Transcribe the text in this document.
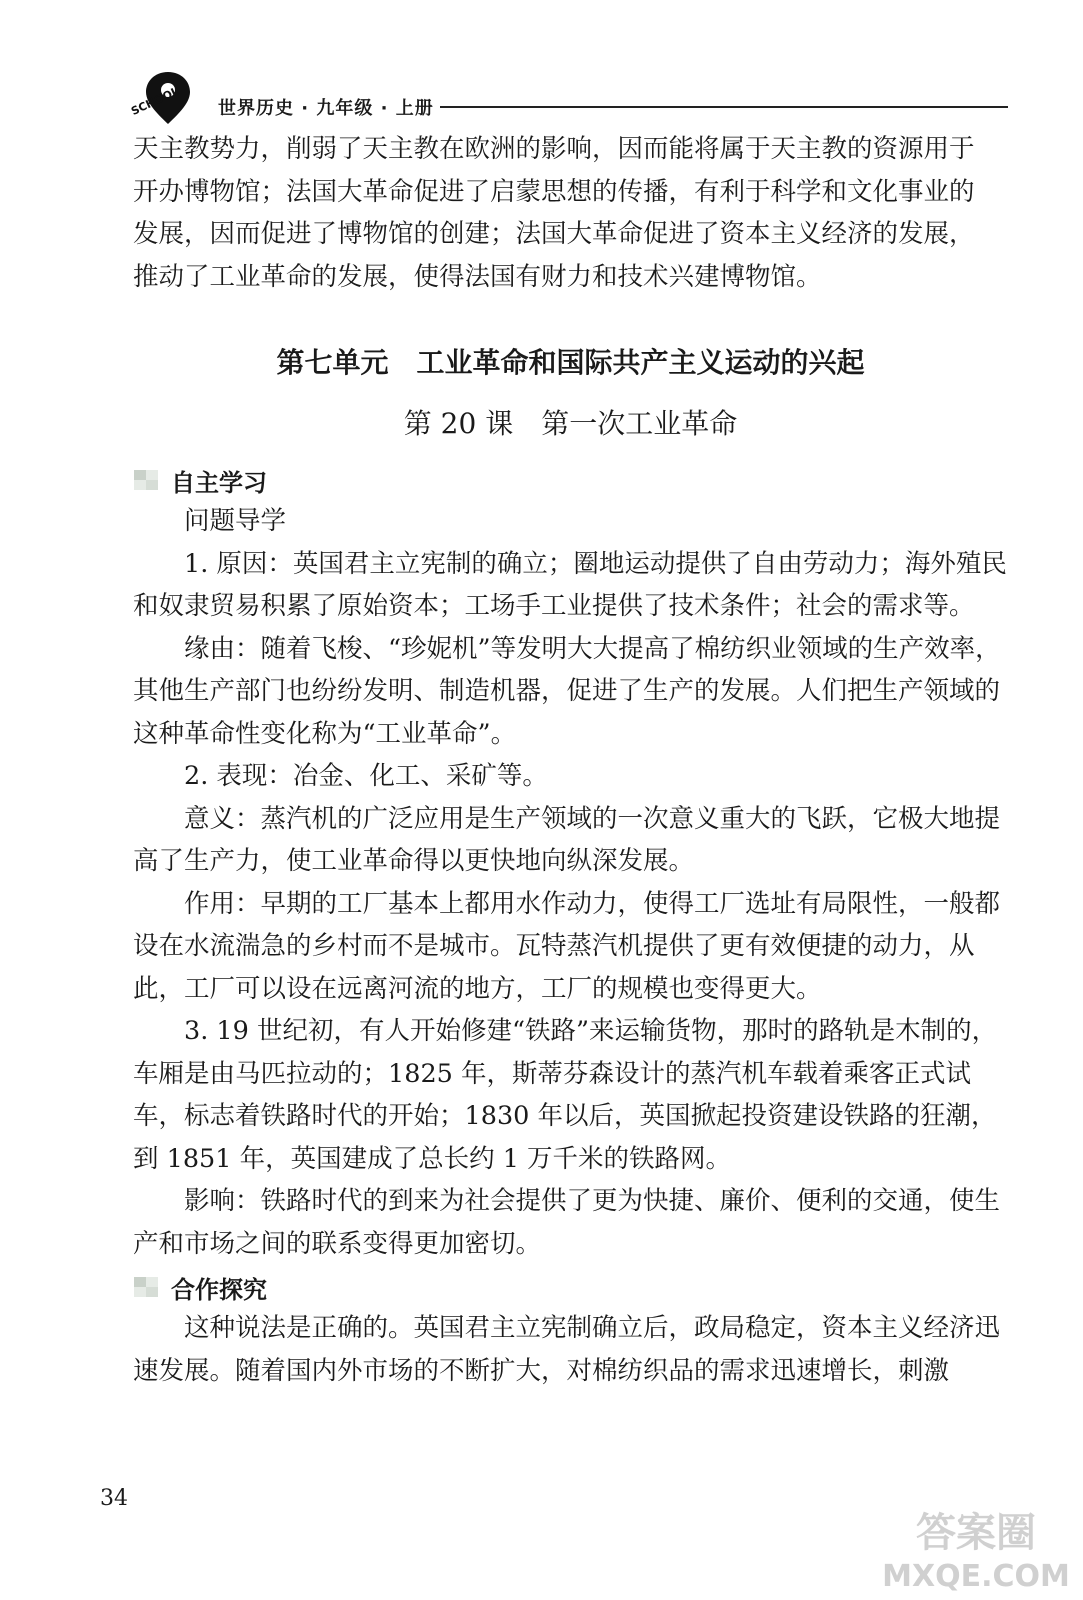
SCHOOL 世界历史 · 九年级 · 上册

天主教势力，削弱了天主教在欧洲的影响，因而能将属于天主教的资源用于

开办博物馆；法国大革命促进了启蒙思想的传播，有利于科学和文化事业的

发展，因而促进了博物馆的创建；法国大革命促进了资本主义经济的发展，

推动了工业革命的发展，使得法国有财力和技术兴建博物馆。

第七单元　工业革命和国际共产主义运动的兴起
第 20 课　第一次工业革命
自主学习

问题导学

1. 原因：英国君主立宪制的确立；圈地运动提供了自由劳动力；海外殖民和奴隶贸易积累了原始资本；工场手工业提供了技术条件；社会的需求等。

缘由：随着飞梭、“珍妮机”等发明大大提高了棉纺织业领域的生产效率，其他生产部门也纷纷发明、制造机器，促进了生产的发展。人们把生产领域的这种革命性变化称为“工业革命”。

2. 表现：冶金、化工、采矿等。

意义：蒸汽机的广泛应用是生产领域的一次意义重大的飞跃，它极大地提高了生产力，使工业革命得以更快地向纵深发展。

作用：早期的工厂基本上都用水作动力，使得工厂选址有局限性，一般都设在水流湍急的乡村而不是城市。瓦特蒸汽机提供了更有效便捷的动力，从此，工厂可以设在远离河流的地方，工厂的规模也变得更大。

3. 19 世纪初，有人开始修建“铁路”来运输货物，那时的路轨是木制的，车厢是由马匹拉动的；1825 年，斯蒂芬森设计的蒸汽机车载着乘客正式试车，标志着铁路时代的开始；1830 年以后，英国掀起投资建设铁路的狂潮，到 1851 年，英国建成了总长约 1 万千米的铁路网。

影响：铁路时代的到来为社会提供了更为快捷、廉价、便利的交通，使生产和市场之间的联系变得更加密切。

合作探究

这种说法是正确的。英国君主立宪制确立后，政局稳定，资本主义经济迅速发展。随着国内外市场的不断扩大，对棉纺织品的需求迅速增长，刺激

34
答案圈
MXQE.COM
